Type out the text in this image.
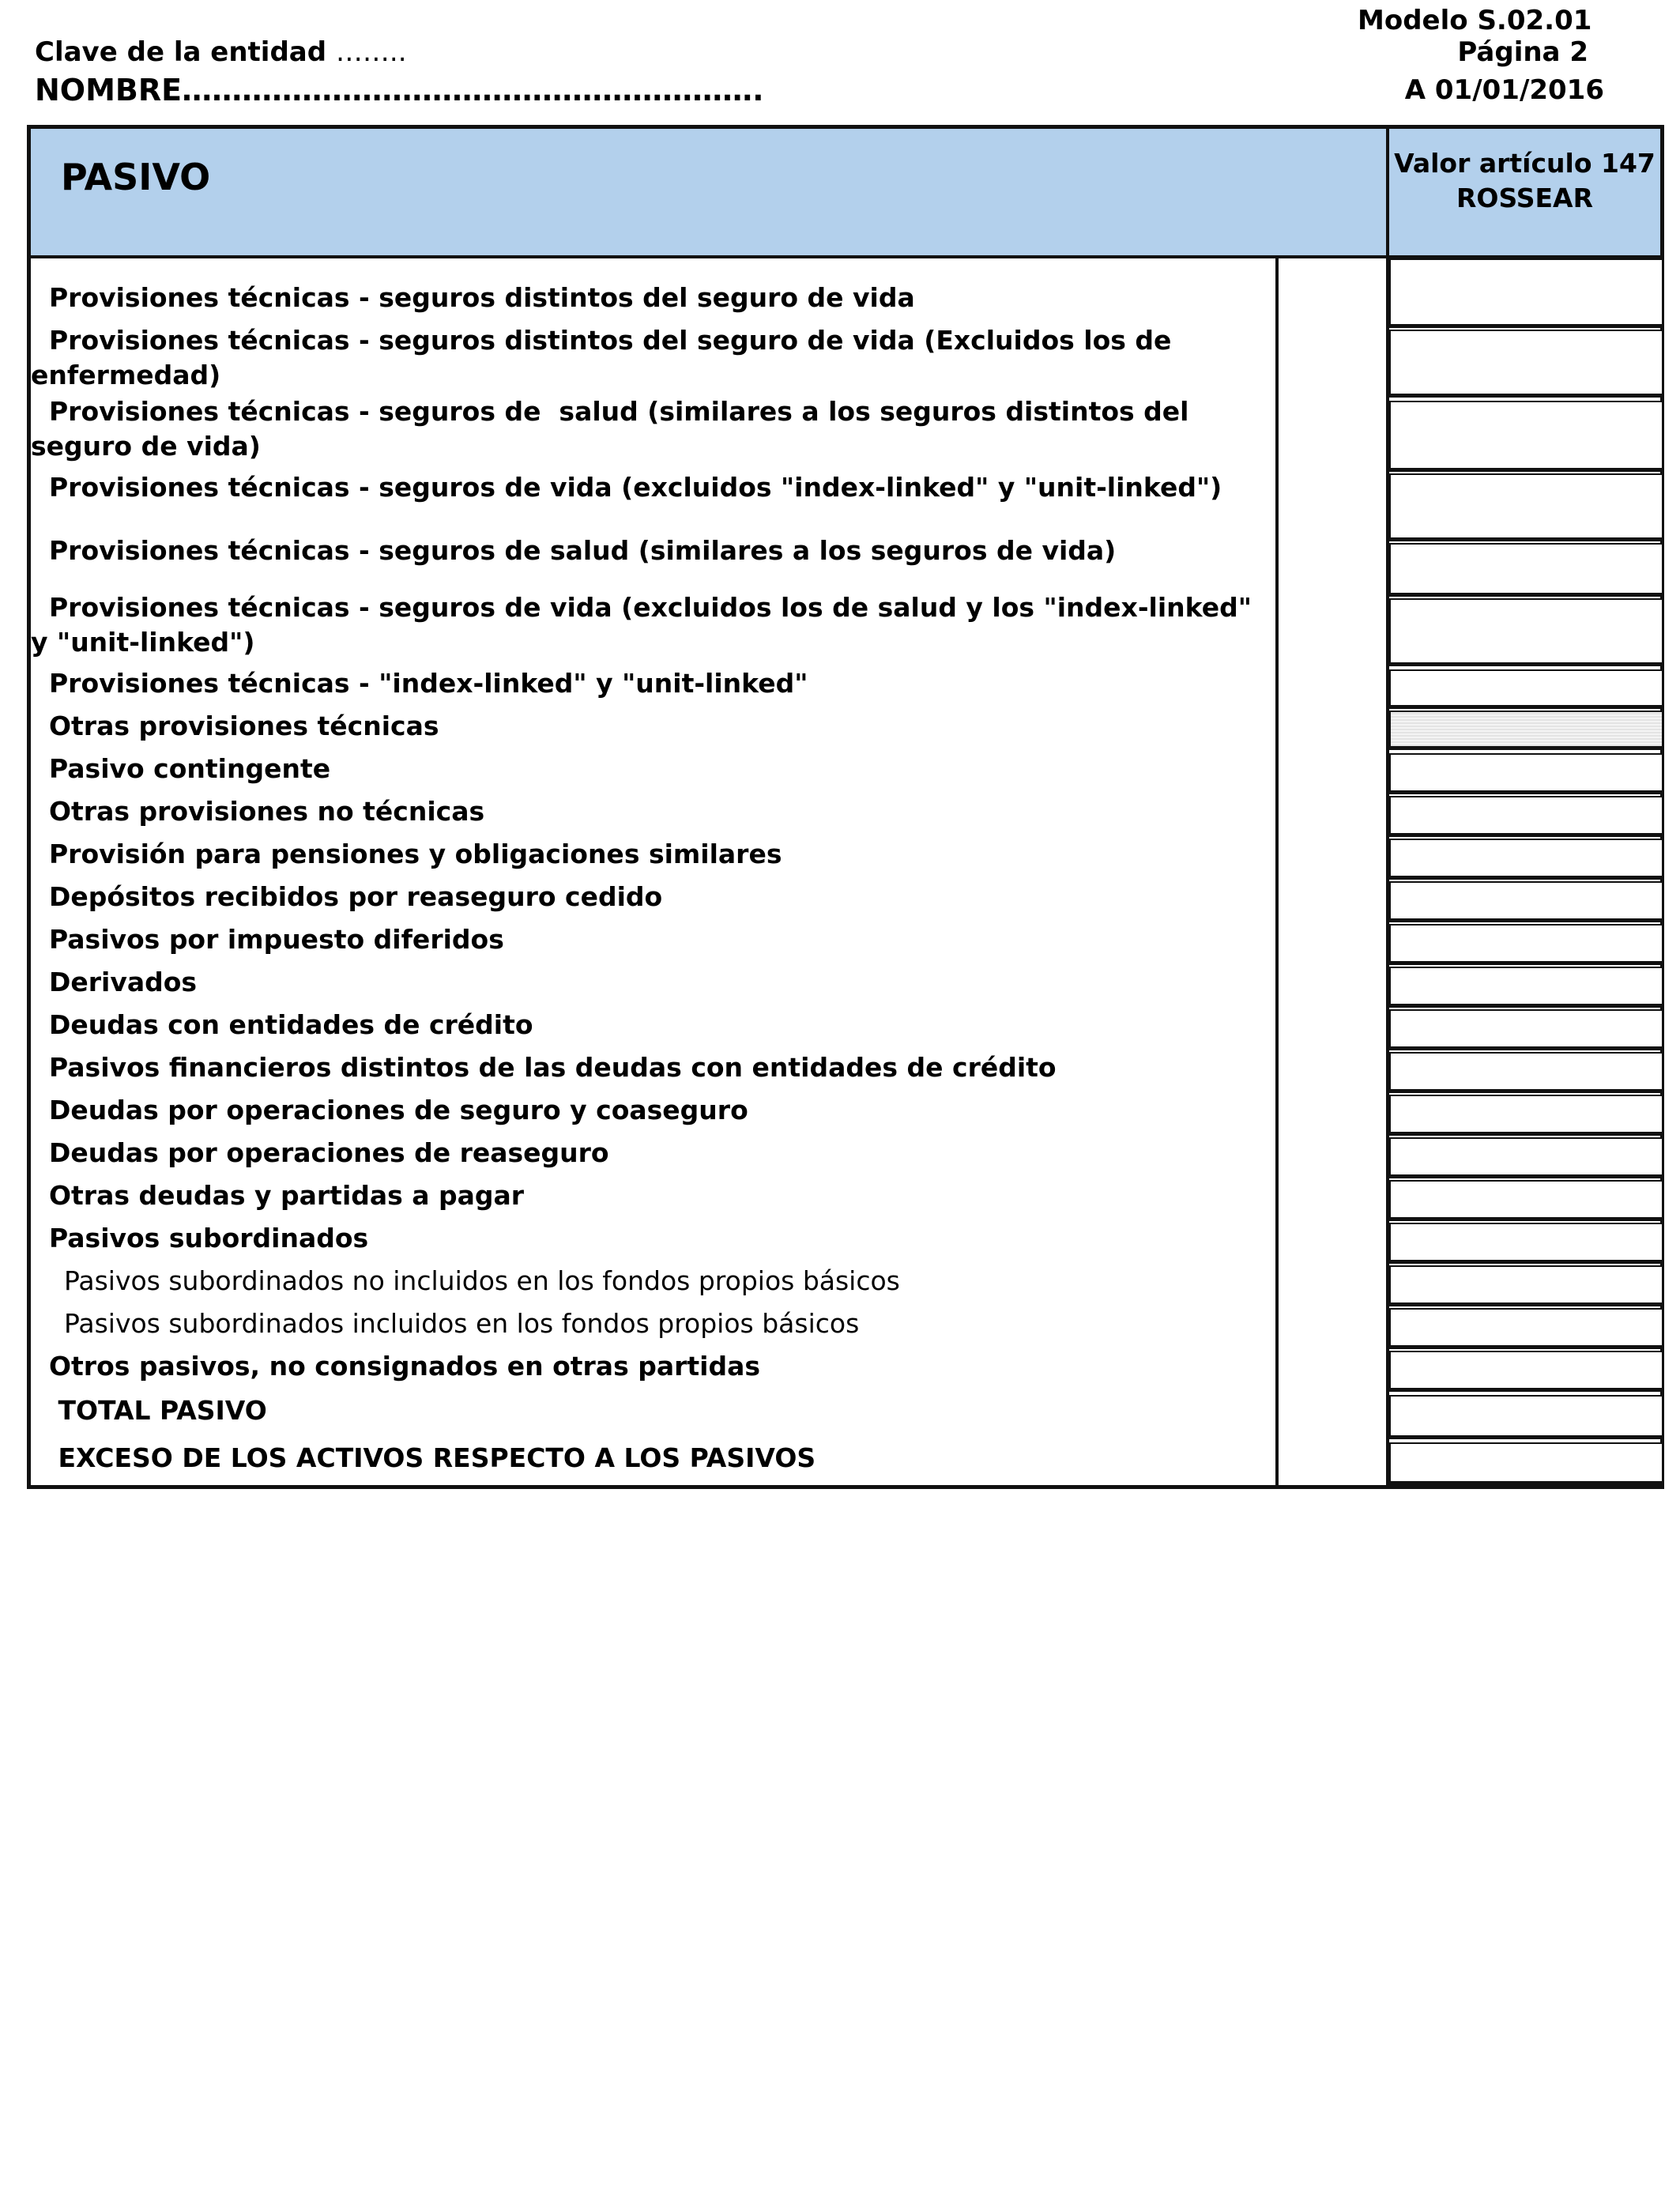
Modelo S.02.01
Clave de la entidad ……..	Página 2
NOMBRE………………………………………………….	A 01/01/2016
PASIVO	Valor artículo 147
ROSSEAR
Provisiones técnicas - seguros distintos del seguro de vida
Provisiones técnicas - seguros distintos del seguro de vida (Excluidos los de
enfermedad)
Provisiones técnicas - seguros de  salud (similares a los seguros distintos del
seguro de vida)
Provisiones técnicas - seguros de vida (excluidos "index-linked" y "unit-linked")
Provisiones técnicas - seguros de salud (similares a los seguros de vida)
Provisiones técnicas - seguros de vida (excluidos los de salud y los "index-linked"
y "unit-linked")
Provisiones técnicas - "index-linked" y "unit-linked"
Otras provisiones técnicas
Pasivo contingente
Otras provisiones no técnicas
Provisión para pensiones y obligaciones similares
Depósitos recibidos por reaseguro cedido
Pasivos por impuesto diferidos
Derivados
Deudas con entidades de crédito
Pasivos financieros distintos de las deudas con entidades de crédito
Deudas por operaciones de seguro y coaseguro
Deudas por operaciones de reaseguro
Otras deudas y partidas a pagar
Pasivos subordinados
Pasivos subordinados no incluidos en los fondos propios básicos
Pasivos subordinados incluidos en los fondos propios básicos
Otros pasivos, no consignados en otras partidas
TOTAL PASIVO
EXCESO DE LOS ACTIVOS RESPECTO A LOS PASIVOS
